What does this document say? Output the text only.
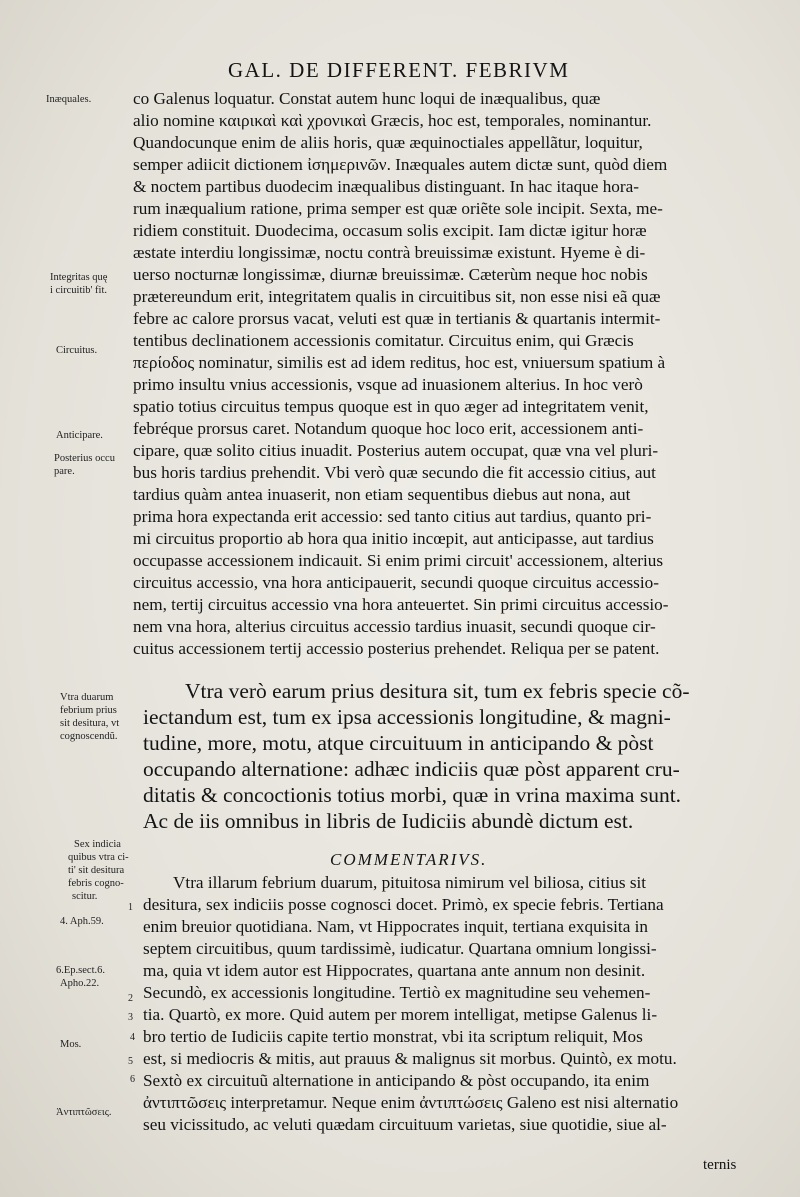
GAL. DE DIFFERENT. FEBRIVM
Inæquales.
Integritas quę
i circuitib' fit.
Circuitus.
Anticipare.
Posterius occu
pare.
Vtra duarum
febrium prius
sit desitura, vt
cognoscendũ.
Sex indicia
quibus vtra ci-
ti' sit desitura
febris cogno-
scitur.
4. Aph.59.
6.Ep.sect.6.
Apho.22.
Mos.
Ἀντιπτῶσεις.
1
2
3
4
5
6
co Galenus loquatur. Constat autem hunc loqui de inæqualibus, quæ
alio nomine καιρικαὶ καὶ χρονικαὶ Græcis, hoc est, temporales, nominantur.
Quandocunque enim de aliis horis, quæ æquinoctiales appellãtur, loquitur,
semper adiicit dictionem ἰσημερινῶν. Inæquales autem dictæ sunt, quòd diem
& noctem partibus duodecim inæqualibus distinguant. In hac itaque hora-
rum inæqualium ratione, prima semper est quæ oriẽte sole incipit. Sexta, me-
ridiem constituit. Duodecima, occasum solis excipit. Iam dictæ igitur horæ
æstate interdiu longissimæ, noctu contrà breuissimæ existunt. Hyeme è di-
uerso nocturnæ longissimæ, diurnæ breuissimæ. Cæterùm neque hoc nobis
prætereundum erit, integritatem qualis in circuitibus sit, non esse nisi eã quæ
febre ac calore prorsus vacat, veluti est quæ in tertianis & quartanis intermit-
tentibus declinationem accessionis comitatur. Circuitus enim, qui Græcis
περίοδος nominatur, similis est ad idem reditus, hoc est, vniuersum spatium à
primo insultu vnius accessionis, vsque ad inuasionem alterius. In hoc verò
spatio totius circuitus tempus quoque est in quo æger ad integritatem venit,
febréque prorsus caret. Notandum quoque hoc loco erit, accessionem anti-
cipare, quæ solito citius inuadit. Posterius autem occupat, quæ vna vel pluri-
bus horis tardius prehendit. Vbi verò quæ secundo die fit accessio citius, aut
tardius quàm antea inuaserit, non etiam sequentibus diebus aut nona, aut
prima hora expectanda erit accessio: sed tanto citius aut tardius, quanto pri-
mi circuitus proportio ab hora qua initio incœpit, aut anticipasse, aut tardius
occupasse accessionem indicauit. Si enim primi circuit' accessionem, alterius
circuitus accessio, vna hora anticipauerit, secundi quoque circuitus accessio-
nem, tertij circuitus accessio vna hora anteuertet. Sin primi circuitus accessio-
nem vna hora, alterius circuitus accessio tardius inuasit, secundi quoque cir-
cuitus accessionem tertij accessio posterius prehendet. Reliqua per se patent.
Vtra verò earum prius desitura sit, tum ex febris specie cõ-
iectandum est, tum ex ipsa accessionis longitudine, & magni-
tudine, more, motu, atque circuituum in anticipando & pòst
occupando alternatione: adhæc indiciis quæ pòst apparent cru-
ditatis & concoctionis totius morbi, quæ in vrina maxima sunt.
Ac de iis omnibus in libris de Iudiciis abundè dictum est.
COMMENTARIVS.
Vtra illarum febrium duarum, pituitosa nimirum vel biliosa, citius sit
desitura, sex indiciis posse cognosci docet. Primò, ex specie febris. Tertiana
enim breuior quotidiana. Nam, vt Hippocrates inquit, tertiana exquisita in
septem circuitibus, quum tardissimè, iudicatur. Quartana omnium longissi-
ma, quia vt idem autor est Hippocrates, quartana ante annum non desinit.
Secundò, ex accessionis longitudine. Tertiò ex magnitudine seu vehemen-
tia. Quartò, ex more. Quid autem per morem intelligat, metipse Galenus li-
bro tertio de Iudiciis capite tertio monstrat, vbi ita scriptum reliquit, Mos
est, si mediocris & mitis, aut prauus & malignus sit morbus. Quintò, ex motu.
Sextò ex circuituũ alternatione in anticipando & pòst occupando, ita enim
ἀντιπτῶσεις interpretamur. Neque enim ἀντιπτώσεις Galeno est nisi alternatio
seu vicissitudo, ac veluti quædam circuituum varietas, siue quotidie, siue al-
ternis
